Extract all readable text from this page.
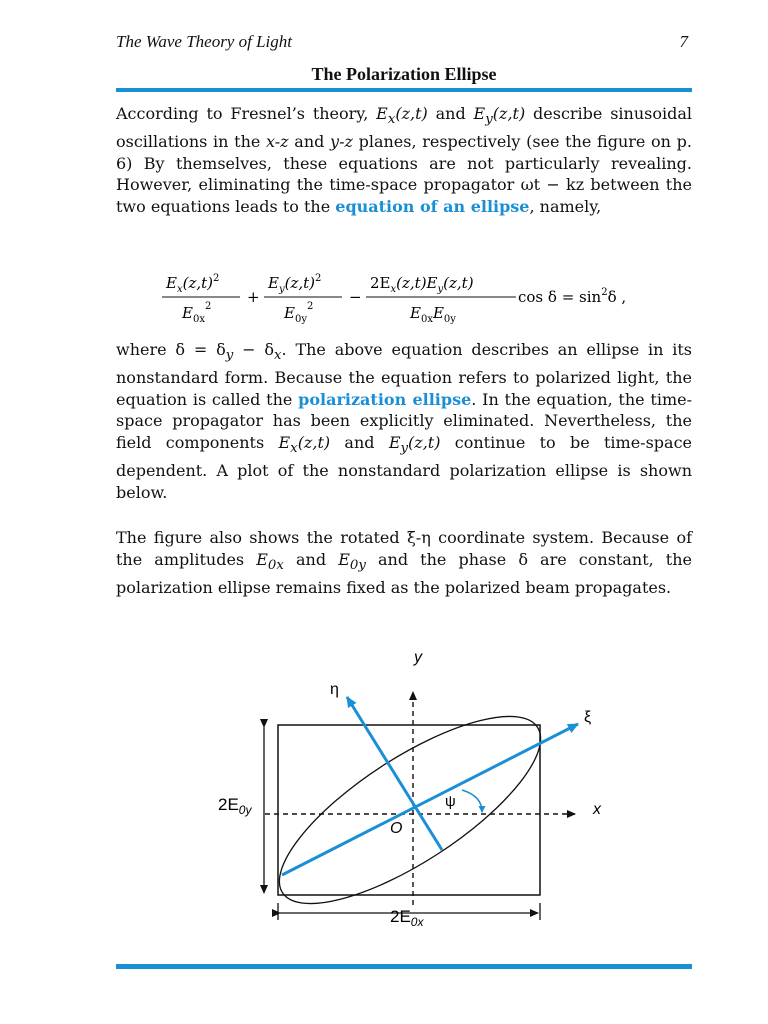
The Wave Theory of Light	7
The Polarization Ellipse
According to Fresnel’s theory, $E_x(z,t)$ and $E_y(z,t)$ describe sinusoidal oscillations in the x-z and y-z planes, respectively (see the figure on p. 6) By themselves, these equations are not particularly revealing. However, eliminating the time-space propagator ωt − kz between the two equations leads to the equation of an ellipse, namely,
$E_x(z,t)^2$
$E_{0x}^2$
+
$E_y(z,t)^2$
$E_{0y}^2$
−
$2E_x(z,t)E_y(z,t)$
$E_{0x}E_{0y}$
$\cos \delta = \sin^2\delta$ ,
where $\delta = \delta_y - \delta_x$. The above equation describes an ellipse in its nonstandard form. Because the equation refers to polarized light, the equation is called the polarization ellipse. In the equation, the time-space propagator has been explicitly eliminated. Nevertheless, the field components $E_x(z,t)$ and $E_y(z,t)$ continue to be time-space dependent. A plot of the nonstandard polarization ellipse is shown below.
The figure also shows the rotated ξ-η coordinate system. Because of the amplitudes $E_{0x}$ and $E_{0y}$ and the phase δ are constant, the polarization ellipse remains fixed as the polarized beam propagates.
y
x
η
ξ
ψ
O
$2E_{0y}$
$2E_{0x}$
